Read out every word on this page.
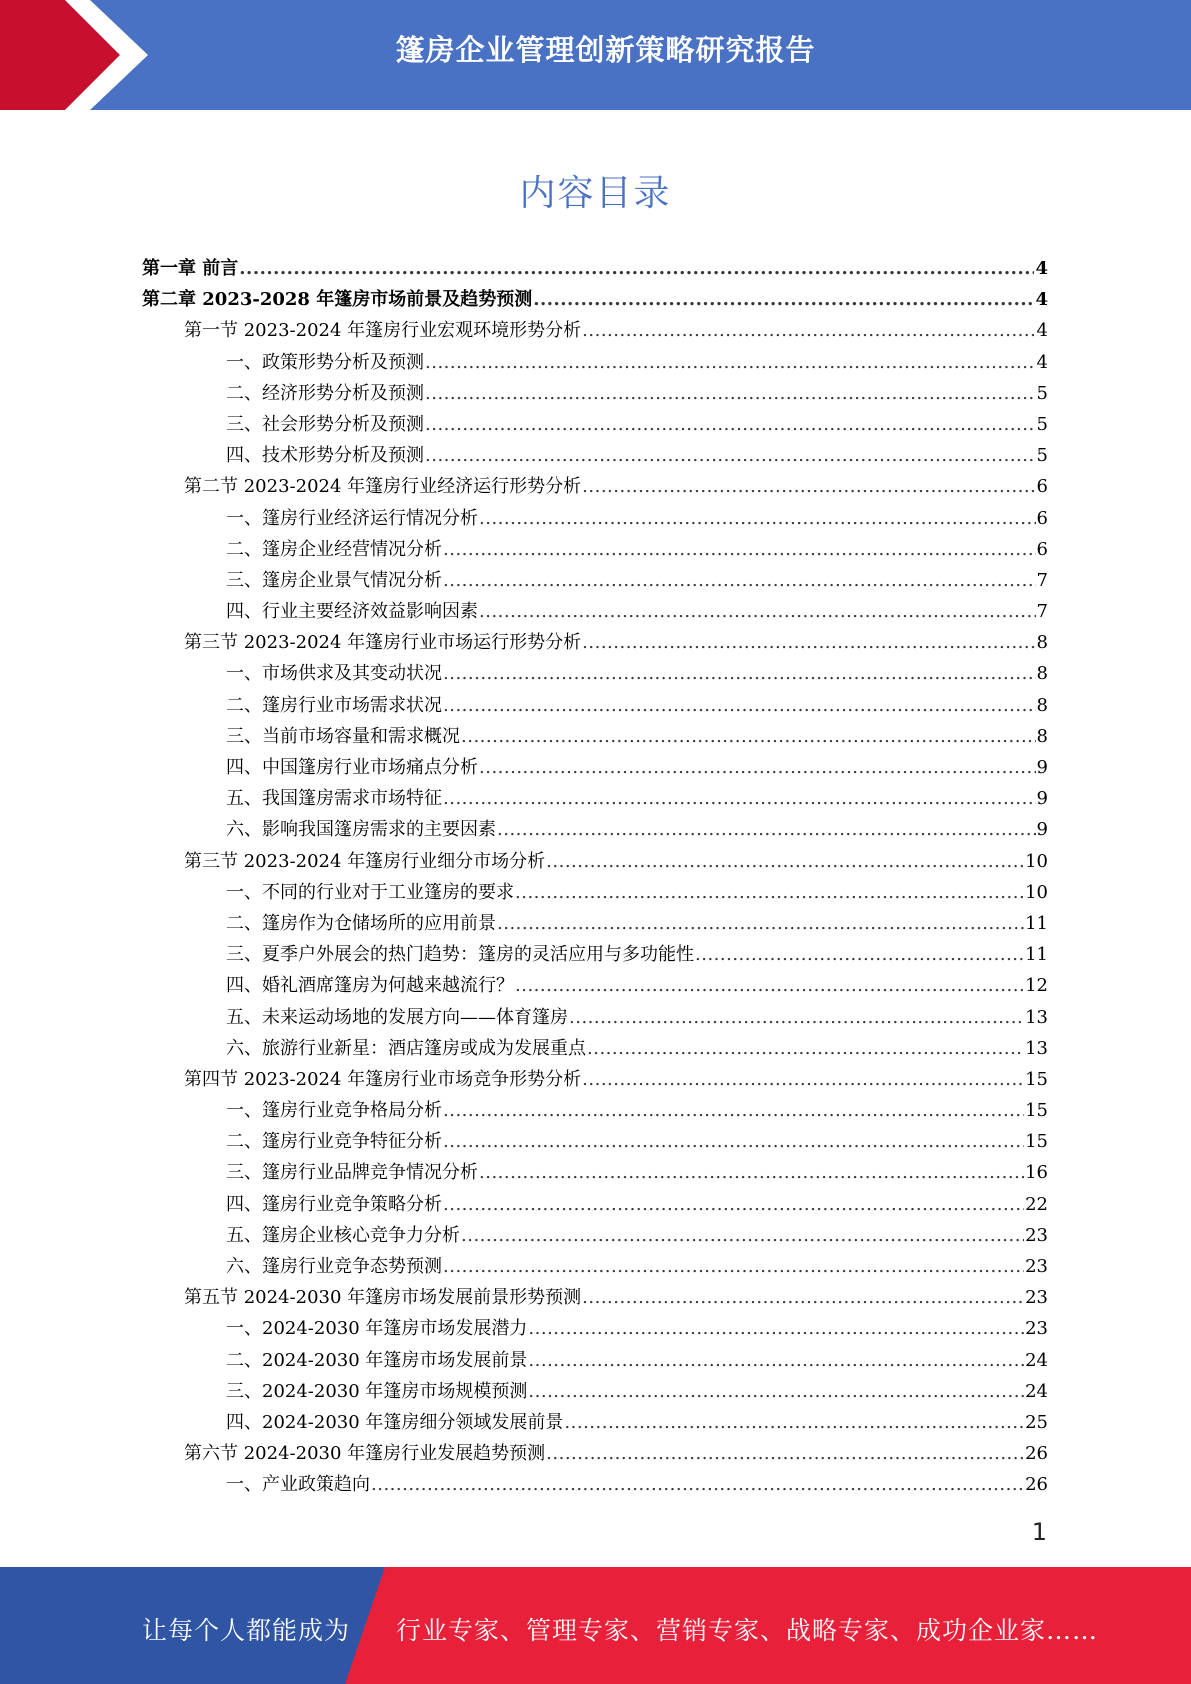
篷房企业管理创新策略研究报告
内容目录
第一章 前言 .....	4
第二章 2023-2028 年篷房市场前景及趋势预测 .....	4
第一节 2023-2024 年篷房行业宏观环境形势分析 .....	4
一、政策形势分析及预测 .....	4
二、经济形势分析及预测 .....	5
三、社会形势分析及预测 .....	5
四、技术形势分析及预测 .....	5
第二节 2023-2024 年篷房行业经济运行形势分析 .....	6
一、篷房行业经济运行情况分析 .....	6
二、篷房企业经营情况分析 .....	6
三、篷房企业景气情况分析 .....	7
四、行业主要经济效益影响因素 .....	7
第三节 2023-2024 年篷房行业市场运行形势分析 .....	8
一、市场供求及其变动状况 .....	8
二、篷房行业市场需求状况 .....	8
三、当前市场容量和需求概况 .....	8
四、中国篷房行业市场痛点分析 .....	9
五、我国篷房需求市场特征 .....	9
六、影响我国篷房需求的主要因素 .....	9
第三节 2023-2024 年篷房行业细分市场分析 .....	10
一、不同的行业对于工业篷房的要求 .....	10
二、篷房作为仓储场所的应用前景 .....	11
三、夏季户外展会的热门趋势：篷房的灵活应用与多功能性 .....	11
四、婚礼酒席篷房为何越来越流行？ .....	12
五、未来运动场地的发展方向——体育篷房 .....	13
六、旅游行业新星：酒店篷房或成为发展重点 .....	13
第四节 2023-2024 年篷房行业市场竞争形势分析 .....	15
一、篷房行业竞争格局分析 .....	15
二、篷房行业竞争特征分析 .....	15
三、篷房行业品牌竞争情况分析 .....	16
四、篷房行业竞争策略分析 .....	22
五、篷房企业核心竞争力分析 .....	23
六、篷房行业竞争态势预测 .....	23
第五节 2024-2030 年篷房市场发展前景形势预测 .....	23
一、2024-2030 年篷房市场发展潜力 .....	23
二、2024-2030 年篷房市场发展前景 .....	24
三、2024-2030 年篷房市场规模预测 .....	24
四、2024-2030 年篷房细分领域发展前景 .....	25
第六节 2024-2030 年篷房行业发展趋势预测 .....	26
一、产业政策趋向 .....	26
1
让每个人都能成为 行业专家、管理专家、营销专家、战略专家、成功企业家……
